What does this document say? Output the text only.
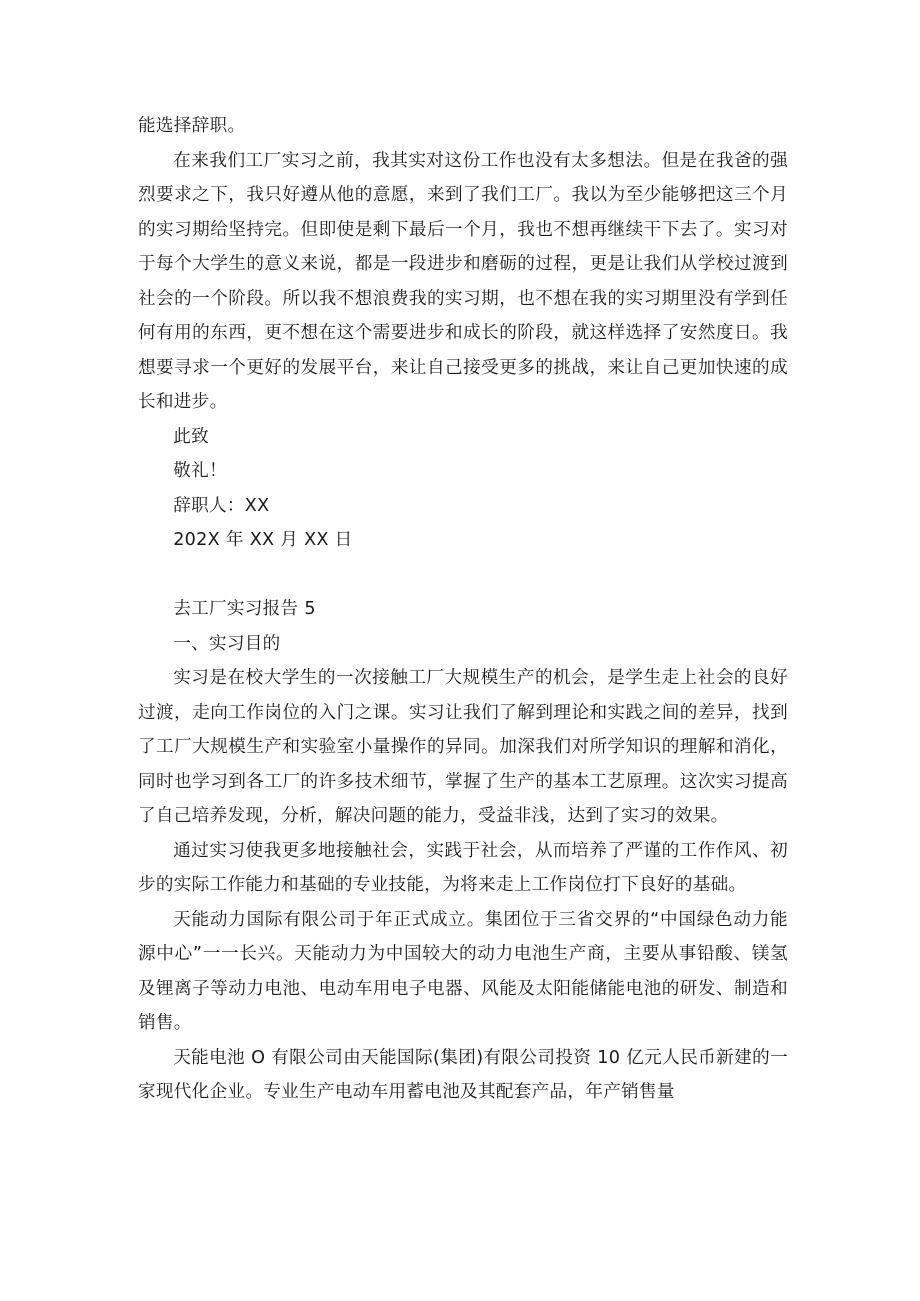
能选择辞职。

在来我们工厂实习之前，我其实对这份工作也没有太多想法。但是在我爸的强烈要求之下，我只好遵从他的意愿，来到了我们工厂。我以为至少能够把这三个月的实习期给坚持完。但即使是剩下最后一个月，我也不想再继续干下去了。实习对于每个大学生的意义来说，都是一段进步和磨砺的过程，更是让我们从学校过渡到社会的一个阶段。所以我不想浪费我的实习期，也不想在我的实习期里没有学到任何有用的东西，更不想在这个需要进步和成长的阶段，就这样选择了安然度日。我想要寻求一个更好的发展平台，来让自己接受更多的挑战，来让自己更加快速的成长和进步。

此致

敬礼！

辞职人：XX

202X 年 XX 月 XX 日

去工厂实习报告 5

一、实习目的

实习是在校大学生的一次接触工厂大规模生产的机会，是学生走上社会的良好过渡，走向工作岗位的入门之课。实习让我们了解到理论和实践之间的差异，找到了工厂大规模生产和实验室小量操作的异同。加深我们对所学知识的理解和消化，同时也学习到各工厂的许多技术细节，掌握了生产的基本工艺原理。这次实习提高了自己培养发现，分析，解决问题的能力，受益非浅，达到了实习的效果。

通过实习使我更多地接触社会，实践于社会，从而培养了严谨的工作作风、初步的实际工作能力和基础的专业技能，为将来走上工作岗位打下良好的基础。

天能动力国际有限公司于年正式成立。集团位于三省交界的“中国绿色动力能源中心”一一长兴。天能动力为中国较大的动力电池生产商，主要从事铅酸、镁氢及锂离子等动力电池、电动车用电子电器、风能及太阳能储能电池的研发、制造和销售。

天能电池 O 有限公司由天能国际(集团)有限公司投资 10 亿元人民币新建的一家现代化企业。专业生产电动车用蓄电池及其配套产品，年产销售量
